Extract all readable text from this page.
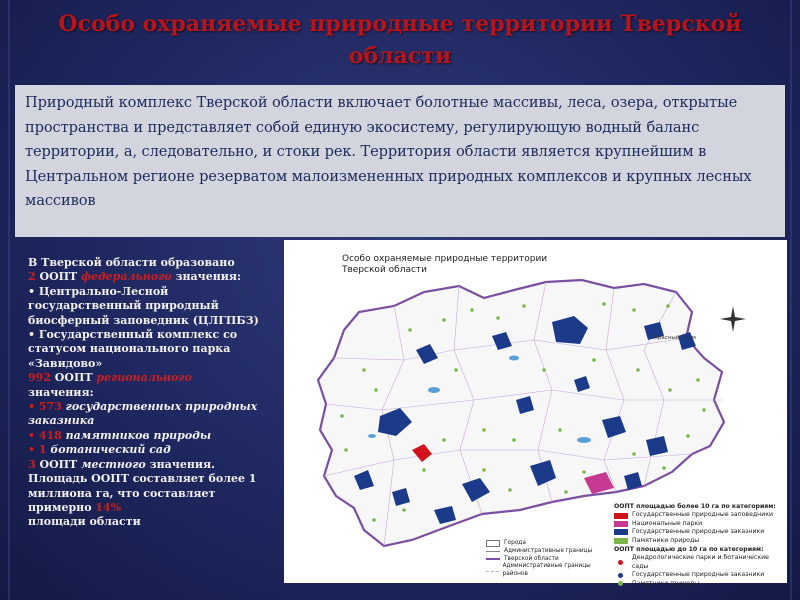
Особо охраняемые природные территории Тверской области

Природный комплекс Тверской области включает болотные массивы, леса, озера, открытые пространства и представляет собой единую экосистему, регулирующую водный баланс территории, а, следовательно, и стоки рек. Территория области является крупнейшим в Центральном регионе резерватом малоизмененных природных комплексов и крупных лесных массивов

В Тверской области образовано
2 ООПТ федерального значения:
• Центрально-Лесной государственный природный биосферный заповедник (ЦЛГПБЗ)
• Государственный комплекс со статусом национального парка «Завидово»
992 ООПТ регионального
значения:
• 573 государственных природных заказника
• 418 памятников природы
• 1 ботанический сад
3 ООПТ местного значения.
Площадь ООПТ составляет более 1 миллиона га, что составляет примерно 14%
площади области
Особо охраняемые природные территории Тверской области
Красный Холм
Города
Административные границы
Тверской области
Административные границы районов
ООПТ площадью более 10 га по категориям:
Государственные природные заповедники
Национальные парки
Государственные природные заказники
Памятники природы
ООПТ площадью до 10 га по категориям:
Дендрологические парки и ботанические сады
Государственные природные заказники
Памятники природы
